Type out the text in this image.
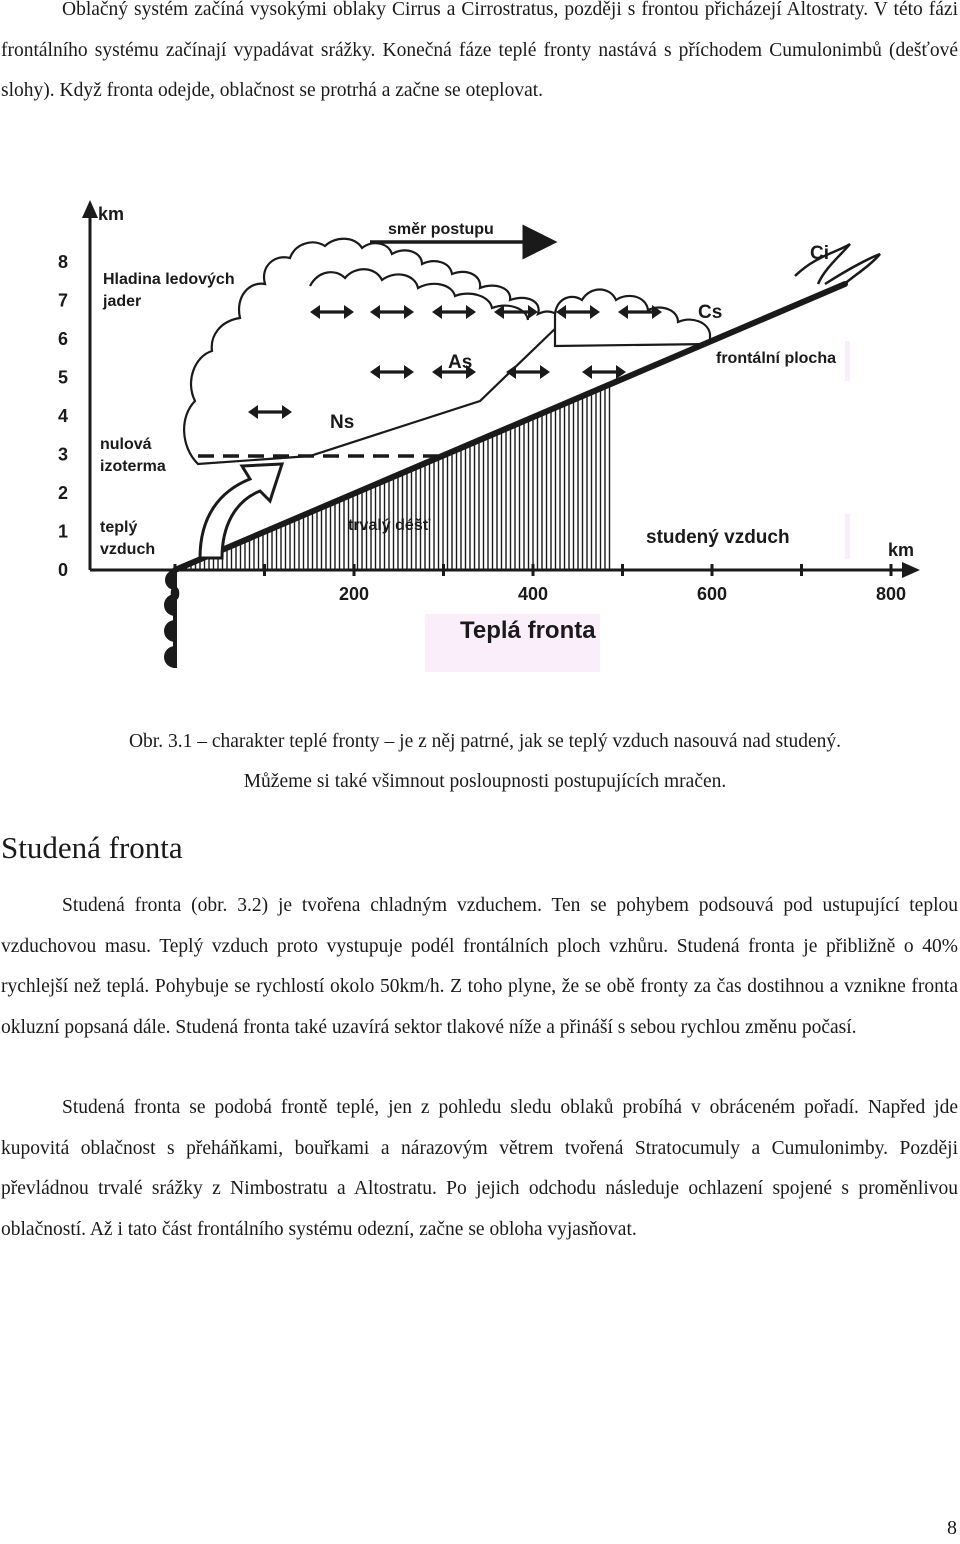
Oblačný systém začíná vysokými oblaky Cirrus a Cirrostratus, později s frontou přicházejí Altostraty. V této fázi frontálního systému začínají vypadávat srážky. Konečná fáze teplé fronty nastává s příchodem Cumulonimbů (dešťové slohy). Když fronta odejde, oblačnost se protrhá a začne se oteplovat.

0
1
2
3
4
5
6
7
8
0	200	400	600	800
km
km
směr postupu
Hladina ledových
jader
nulová
izoterma
teplý
vzduch
trvalý déšť
studený vzduch
frontální plocha
Ns
As
Cs
Ci
Teplá fronta

Obr. 3.1 – charakter teplé fronty – je z něj patrné, jak se teplý vzduch nasouvá nad studený.

Můžeme si také všimnout posloupnosti postupujících mračen.

Studená fronta

Studená fronta (obr. 3.2) je tvořena chladným vzduchem. Ten se pohybem podsouvá pod ustupující teplou vzduchovou masu. Teplý vzduch proto vystupuje podél frontálních ploch vzhůru. Studená fronta je přibližně o 40% rychlejší než teplá. Pohybuje se rychlostí okolo 50km/h. Z toho plyne, že se obě fronty za čas dostihnou a vznikne fronta okluzní popsaná dále. Studená fronta také uzavírá sektor tlakové níže a přináší s sebou rychlou změnu počasí.

Studená fronta se podobá frontě teplé, jen z pohledu sledu oblaků probíhá v obráceném pořadí. Napřed jde kupovitá oblačnost s přeháňkami, bouřkami a nárazovým větrem tvořená Stratocumuly a Cumulonimby. Později převládnou trvalé srážky z Nimbostratu a Altostratu. Po jejich odchodu následuje ochlazení spojené s proměnlivou oblačností. Až i tato část frontálního systému odezní, začne se obloha vyjasňovat.

8
